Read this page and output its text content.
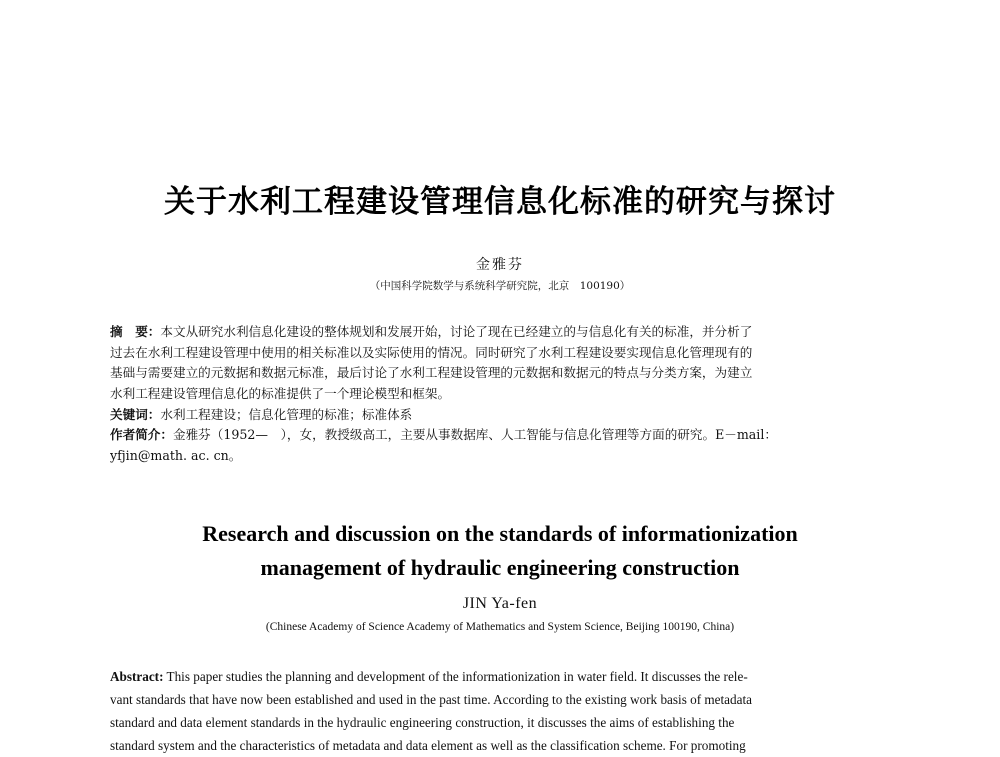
关于水利工程建设管理信息化标准的研究与探讨
金雅芬
（中国科学院数学与系统科学研究院，北京　100190）
摘　要：本文从研究水利信息化建设的整体规划和发展开始，讨论了现在已经建立的与信息化有关的标准，并分析了
过去在水利工程建设管理中使用的相关标准以及实际使用的情况。同时研究了水利工程建设要实现信息化管理现有的
基础与需要建立的元数据和数据元标准，最后讨论了水利工程建设管理的元数据和数据元的特点与分类方案，为建立
水利工程建设管理信息化的标准提供了一个理论模型和框架。
关键词：水利工程建设；信息化管理的标准；标准体系
作者简介：金雅芬（1952—　），女，教授级高工，主要从事数据库、人工智能与信息化管理等方面的研究。E－mail：
yfjin@math. ac. cn。
Research and discussion on the standards of informationization
management of hydraulic engineering construction
JIN Ya-fen
(Chinese Academy of Science Academy of Mathematics and System Science, Beijing 100190, China)
Abstract: This paper studies the planning and development of the informationization in water field. It discusses the rele-
vant standards that have now been established and used in the past time. According to the existing work basis of metadata
standard and data element standards in the hydraulic engineering construction, it discusses the aims of establishing the
standard system and the characteristics of metadata and data element as well as the classification scheme. For promoting
